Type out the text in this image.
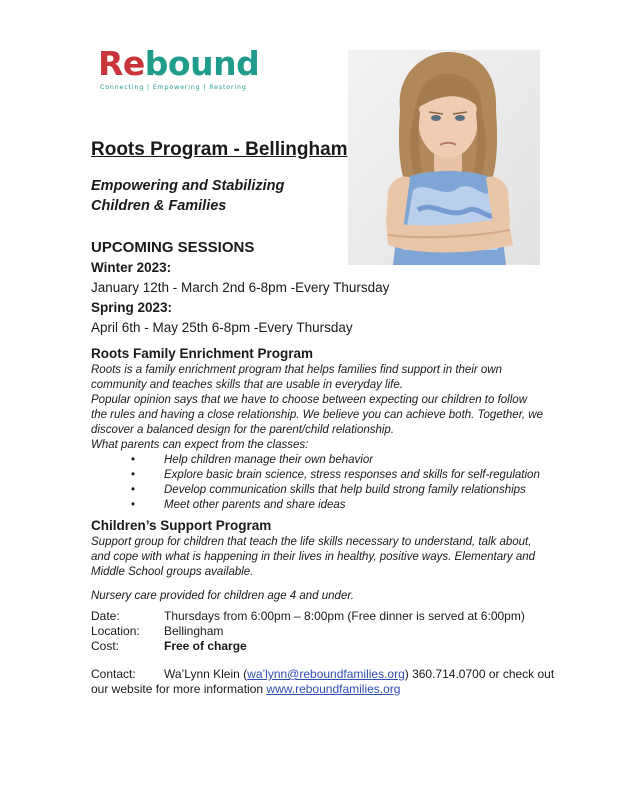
Rebound
Connecting | Empowering | Restoring
Roots Program - Bellingham
Empowering and Stabilizing
Children & Families
UPCOMING SESSIONS
Winter 2023:
January 12th - March 2nd 6-8pm -Every Thursday
Spring 2023:
April 6th - May 25th 6-8pm -Every Thursday
Roots Family Enrichment Program

Roots is a family enrichment program that helps families find support in their own

community and teaches skills that are usable in everyday life.

Popular opinion says that we have to choose between expecting our children to follow

the rules and having a close relationship. We believe you can achieve both. Together, we

discover a balanced design for the parent/child relationship.

What parents can expect from the classes:

• Help children manage their own behavior
• Explore basic brain science, stress responses and skills for self-regulation
• Develop communication skills that help build strong family relationships
• Meet other parents and share ideas
Children’s Support Program

Support group for children that teach the life skills necessary to understand, talk about,

and cope with what is happening in their lives in healthy, positive ways. Elementary and

Middle School groups available.

Nursery care provided for children age 4 and under.

Date:	Thursdays from 6:00pm – 8:00pm (Free dinner is served at 6:00pm)
Location: Bellingham
Cost:	Free of charge
Contact: Wa’Lynn Klein (wa’lynn@reboundfamilies.org) 360.714.0700 or check out
our website for more information www.reboundfamilies.org
